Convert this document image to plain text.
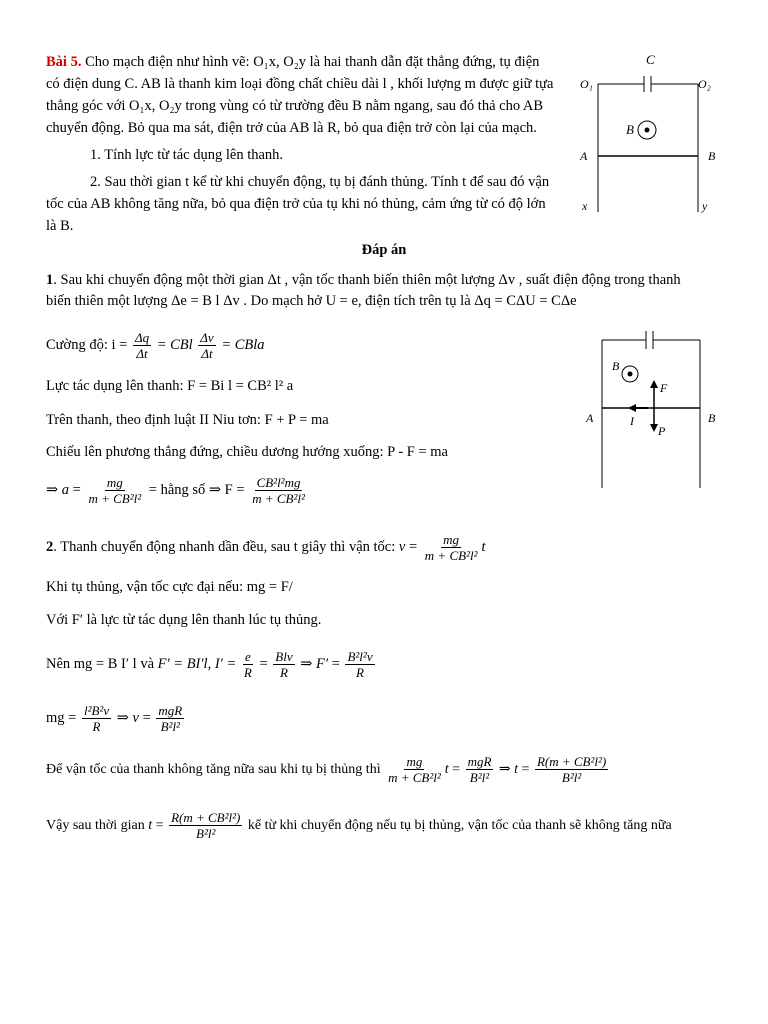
Bài 5. Cho mạch điện như hình vẽ: O₁x, O₂y là hai thanh dẫn đặt thẳng đứng, tụ điện
có điện dung C. AB là thanh kim loại đồng chất chiều dài l , khối lượng m được giữ tựa
thẳng góc với O₁x, O₂y trong vùng có từ trường đều B nằm ngang, sau đó thả cho AB
chuyển động. Bỏ qua ma sát, điện trở của AB là R, bỏ qua điện trở còn lại của mạch.
1. Tính lực từ tác dụng lên thanh.
2. Sau thời gian t kể từ khi chuyển động, tụ bị đánh thủng. Tính t để sau đó vận
tốc của AB không tăng nữa, bỏ qua điện trở của tụ khi nó thủng, cảm ứng từ có độ lớn
là B.
C
O₁	O₂
B
A	B
x	y
Đáp án
1. Sau khi chuyển động một thời gian Δt , vận tốc thanh biến thiên một lượng Δv , suất điện động trong thanh
biến thiên một lượng Δe = B l Δv . Do mạch hở U = e, điện tích trên tụ là Δq = CΔU = CΔe
Cường độ: $i = \frac{\Delta q}{\Delta t}$ = CBl $\frac{\Delta v}{\Delta t}$ = CBla
Lực tác dụng lên thanh: F = Bi l = CB² l² a
Trên thanh, theo định luật II Niu tơn: F + P = ma
Chiếu lên phương thẳng đứng, chiều dương hướng xuống: P - F = ma
⇒ $a = \frac{mg}{\text{m + CB²l²}}$ = hằng số ⇒ $F = \frac{\text{CB²l²mg}}{\text{m + CB²l²}}$
2. Thanh chuyển động nhanh dần đều, sau t giây thì vận tốc: $v = \frac{mg}{\text{m + CB²l²}}$ t
Khi tụ thủng, vận tốc cực đại nếu: mg = F/
Với F′ là lực từ tác dụng lên thanh lúc tụ thủng.
Nên mg = B I′ l và F′ = BI′l, $I' = \frac{e}{R} = \frac{\text{Blv}}{R}$ ⇒ $F' = \frac{\text{B²l²v}}{R}$
mg = $\frac{\text{l²B²v}}{R}$ ⇒ $v = \frac{\text{mgR}}{\text{B²l²}}$
Để vận tốc của thanh không tăng nữa sau khi tụ bị thủng thì $\frac{mg}{\text{m + CB²l²}}$ $t = \frac{\text{mgR}}{\text{B²l²}}$ ⇒ $t = \frac{\text{R(m + CB²l²)}}{\text{B²l²}}$
Vậy sau thời gian $t = \frac{\text{R(m + CB²l²)}}{\text{B²l²}}$ kể từ khi chuyển động nếu tụ bị thủng, vận tốc của thanh sẽ không tăng nữa
B
F
P
I
A	B
